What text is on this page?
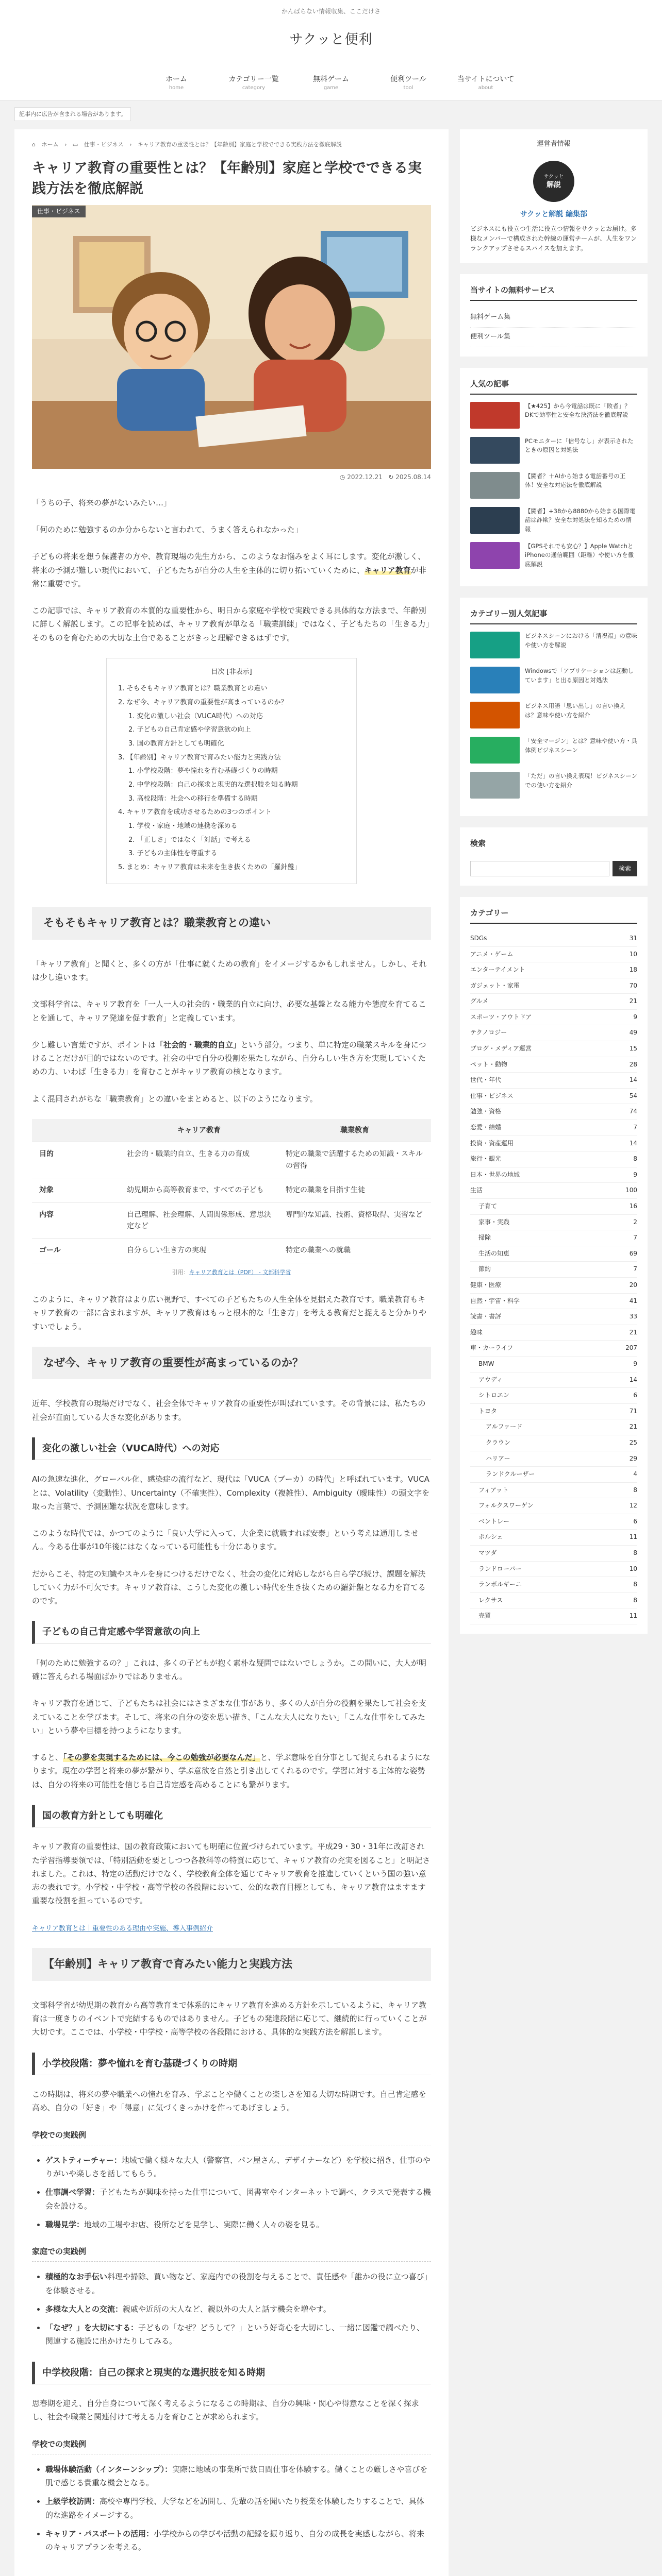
かんばらない情報収集、ここだけさ
サクッと便利
ホーム
home
カテゴリー一覧
category
無料ゲーム
game
便利ツール
tool
当サイトについて
about
記事内に広告が含まれる場合があります。
⌂ ホーム › ▭ 仕事・ビジネス › キャリア教育の重要性とは？【年齢別】家庭と学校でできる実践方法を徹底解説
キャリア教育の重要性とは？【年齢別】家庭と学校でできる実践方法を徹底解説
仕事・ビジネス
◷ 2022.12.21 ↻ 2025.08.14

「うちの子、将来の夢がないみたい…」

「何のために勉強するのか分からないと言われて、うまく答えられなかった」

子どもの将来を想う保護者の方や、教育現場の先生方から、このようなお悩みをよく耳にします。変化が激しく、将来の予測が難しい現代において、子どもたちが自分の人生を主体的に切り拓いていくために、キャリア教育が非常に重要です。

この記事では、キャリア教育の本質的な重要性から、明日から家庭や学校で実践できる具体的な方法まで、年齢別に詳しく解説します。この記事を読めば、キャリア教育が単なる「職業訓練」ではなく、子どもたちの「生きる力」そのものを育むための大切な土台であることがきっと理解できるはずです。

目次 [非表示]
1. そもそもキャリア教育とは？職業教育との違い
2. なぜ今、キャリア教育の重要性が高まっているのか？
1. 変化の激しい社会（VUCA時代）への対応
2. 子どもの自己肯定感や学習意欲の向上
3. 国の教育方針としても明確化
3. 【年齢別】キャリア教育で育みたい能力と実践方法
1. 小学校段階：夢や憧れを育む基礎づくりの時期
2. 中学校段階：自己の探求と現実的な選択肢を知る時期
3. 高校段階：社会への移行を準備する時期
4. キャリア教育を成功させるための3つのポイント
1. 学校・家庭・地域の連携を深める
2. 「正しさ」ではなく「対話」で考える
3. 子どもの主体性を尊重する
5. まとめ：キャリア教育は未来を生き抜くための「羅針盤」
そもそもキャリア教育とは？職業教育との違い

「キャリア教育」と聞くと、多くの方が「仕事に就くための教育」をイメージするかもしれません。しかし、それは少し違います。

文部科学省は、キャリア教育を「一人一人の社会的・職業的自立に向け、必要な基盤となる能力や態度を育てることを通して、キャリア発達を促す教育」と定義しています。

少し難しい言葉ですが、ポイントは「社会的・職業的自立」という部分。つまり、単に特定の職業スキルを身につけることだけが目的ではないのです。社会の中で自分の役割を果たしながら、自分らしい生き方を実現していくための力、いわば「生きる力」を育むことがキャリア教育の核となります。

よく混同されがちな「職業教育」との違いをまとめると、以下のようになります。

	キャリア教育	職業教育
目的	社会的・職業的自立、生きる力の育成	特定の職業で活躍するための知識・スキルの習得
対象	幼児期から高等教育まで、すべての子ども	特定の職業を目指す生徒
内容	自己理解、社会理解、人間関係形成、意思決定など	専門的な知識、技術、資格取得、実習など
ゴール	自分らしい生き方の実現	特定の職業への就職
引用：キャリア教育とは（PDF） - 文部科学省

このように、キャリア教育はより広い視野で、すべての子どもたちの人生全体を見据えた教育です。職業教育もキャリア教育の一部に含まれますが、キャリア教育はもっと根本的な「生き方」を考える教育だと捉えると分かりやすいでしょう。

なぜ今、キャリア教育の重要性が高まっているのか？

近年、学校教育の現場だけでなく、社会全体でキャリア教育の重要性が叫ばれています。その背景には、私たちの社会が直面している大きな変化があります。

変化の激しい社会（VUCA時代）への対応

AIの急速な進化、グローバル化、感染症の流行など、現代は「VUCA（ブーカ）の時代」と呼ばれています。VUCAとは、Volatility（変動性）、Uncertainty（不確実性）、Complexity（複雑性）、Ambiguity（曖昧性）の頭文字を取った言葉で、予測困難な状況を意味します。

このような時代では、かつてのように「良い大学に入って、大企業に就職すれば安泰」という考えは通用しません。今ある仕事が10年後にはなくなっている可能性も十分にあります。

だからこそ、特定の知識やスキルを身につけるだけでなく、社会の変化に対応しながら自ら学び続け、課題を解決していく力が不可欠です。キャリア教育は、こうした変化の激しい時代を生き抜くための羅針盤となる力を育てるのです。

子どもの自己肯定感や学習意欲の向上

「何のために勉強するの？」これは、多くの子どもが抱く素朴な疑問ではないでしょうか。この問いに、大人が明確に答えられる場面ばかりではありません。

キャリア教育を通じて、子どもたちは社会にはさまざまな仕事があり、多くの人が自分の役割を果たして社会を支えていることを学びます。そして、将来の自分の姿を思い描き、「こんな大人になりたい」「こんな仕事をしてみたい」という夢や目標を持つようになります。

すると、「その夢を実現するためには、今この勉強が必要なんだ」と、学ぶ意味を自分事として捉えられるようになります。現在の学習と将来の夢が繋がり、学ぶ意欲を自然と引き出してくれるのです。学習に対する主体的な姿勢は、自分の将来の可能性を信じる自己肯定感を高めることにも繋がります。

国の教育方針としても明確化

キャリア教育の重要性は、国の教育政策においても明確に位置づけられています。平成29・30・31年に改訂された学習指導要領では、「特別活動を要としつつ各教科等の特質に応じて、キャリア教育の充実を図ること」と明記されました。これは、特定の活動だけでなく、学校教育全体を通じてキャリア教育を推進していくという国の強い意志の表れです。小学校・中学校・高等学校の各段階において、公的な教育目標としても、キャリア教育はますます重要な役割を担っているのです。

キャリア教育とは｜重要性のある理由や実施、導入事例紹介

【年齢別】キャリア教育で育みたい能力と実践方法

文部科学省が幼児期の教育から高等教育まで体系的にキャリア教育を進める方針を示しているように、キャリア教育は一度きりのイベントで完結するものではありません。子どもの発達段階に応じて、継続的に行っていくことが大切です。ここでは、小学校・中学校・高等学校の各段階における、具体的な実践方法を解説します。

小学校段階：夢や憧れを育む基礎づくりの時期

この時期は、将来の夢や職業への憧れを育み、学ぶことや働くことの楽しさを知る大切な時期です。自己肯定感を高め、自分の「好き」や「得意」に気づくきっかけを作ってあげましょう。

学校での実践例
• ゲストティーチャー：地域で働く様々な大人（警察官、パン屋さん、デザイナーなど）を学校に招き、仕事のやりがいや楽しさを話してもらう。
• 仕事調べ学習：子どもたちが興味を持った仕事について、図書室やインターネットで調べ、クラスで発表する機会を設ける。
• 職場見学：地域の工場やお店、役所などを見学し、実際に働く人々の姿を見る。
家庭での実践例
• 積極的なお手伝い料理や掃除、買い物など、家庭内での役割を与えることで、責任感や「誰かの役に立つ喜び」を体験させる。
• 多様な大人との交流：親戚や近所の大人など、親以外の大人と話す機会を増やす。
• 「なぜ？」を大切にする：子どもの「なぜ？どうして？」という好奇心を大切にし、一緒に図鑑で調べたり、関連する施設に出かけたりしてみる。
中学校段階：自己の探求と現実的な選択肢を知る時期

思春期を迎え、自分自身について深く考えるようになるこの時期は、自分の興味・関心や得意なことを深く探求し、社会や職業と関連付けて考える力を育むことが求められます。

学校での実践例
• 職場体験活動（インターンシップ）：実際に地域の事業所で数日間仕事を体験する。働くことの厳しさや喜びを肌で感じる貴重な機会となる。
• 上級学校訪問：高校や専門学校、大学などを訪問し、先輩の話を聞いたり授業を体験したりすることで、具体的な進路をイメージする。
• キャリア・パスポートの活用：小学校からの学びや活動の記録を振り返り、自分の成長を実感しながら、将来のキャリアプランを考える。
運営者情報
サクッと
解説
サクッと解説 編集部
ビジネスにも役立つ生活に役立つ情報をサクッとお届け。多様なメンバーで構成された幹線の運営チームが、人生をワンランクアップさせるスパイスを加えます。
当サイトの無料サービス
無料ゲーム集
便利ツール集
人気の記事
【★425】から今電話は既に「敗者」？DKで効率性と安全な決済法を徹底解説
PCモニターに「信号なし」が表示されたときの原因と対処法
【闘者？＋AIから始まる電話番号の正体！安全な対応法を徹底解説
【闘者】+38から8880から始まる国際電話は詐欺？安全な対処法を知るための情報
【GPSそれでも安心？】Apple Watchと iPhoneの通信範囲（距離）や使い方を徹底解説
カテゴリー別人気記事
ビジネスシーンにおける「清祝福」の意味や使い方を解説
Windowsで「アプリケーションは起動しています」と出る原因と対処法
ビジネス用語「思い出し」の言い換えは？意味や使い方を紹介
「安全マージン」とは？意味や使い方・具体例ビジネスシーン
「ただ」の言い換え表現！ビジネスシーンでの使い方を紹介
検索
検索
カテゴリー
SDGs	31
アニメ・ゲーム	10
エンターテイメント	18
ガジェット・家電	70
グルメ	21
スポーツ・アウトドア	9
テクノロジー	49
ブログ・メディア運営	15
ペット・動物	28
世代・年代	14
仕事・ビジネス	54
勉強・資格	74
恋愛・結婚	7
投資・資産運用	14
旅行・観光	8
日本・世界の地域	9
生活	100
子育て	16
家事・実践	2
掃除	7
生活の知恵	69
節約	7
健康・医療	20
自然・宇宙・科学	41
読書・書評	33
趣味	21
車・カーライフ	207
BMW	9
アウディ	14
シトロエン	6
トヨタ	71
アルファード	21
クラウン	25
ハリアー	29
ランドクルーザー	4
フィアット	8
フォルクスワーゲン	12
ベントレー	6
ポルシェ	11
マツダ	8
ランドローバー	10
ランボルギーニ	8
レクサス	8
売買	11
